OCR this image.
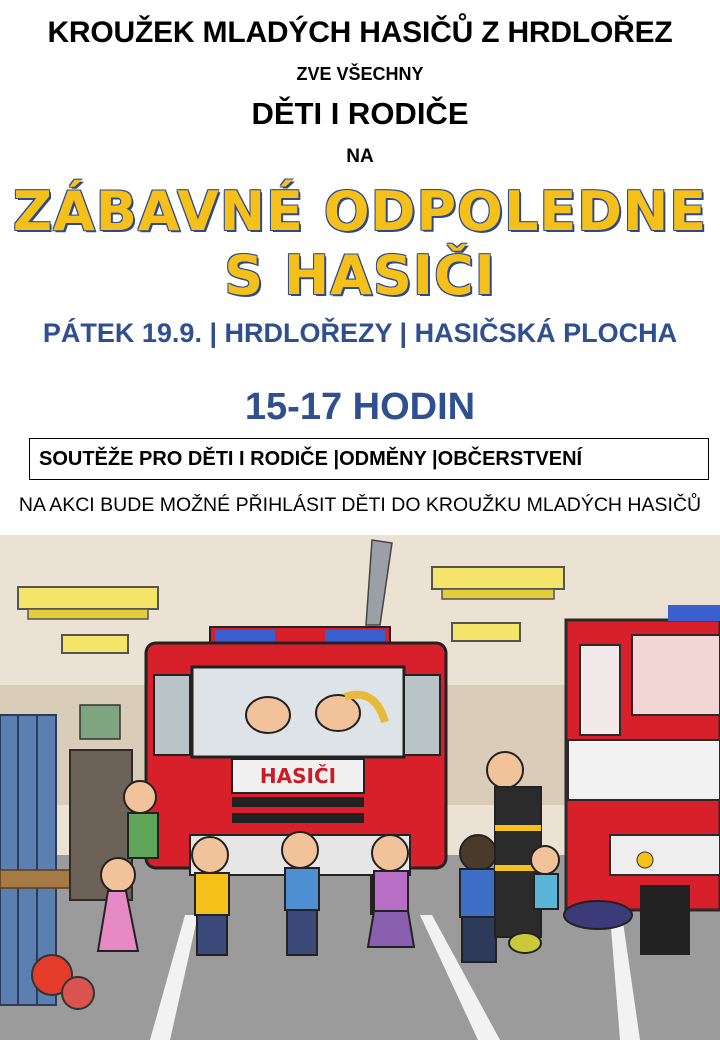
KROUŽEK MLADÝCH HASIČŮ Z HRDLOŘEZ
ZVE VŠECHNY
DĚTI I RODIČE
NA
ZÁBAVNÉ ODPOLEDNE
S HASIČI
PÁTEK 19.9. | HRDLOŘEZY | HASIČSKÁ PLOCHA
15-17 HODIN
SOUTĚŽE PRO DĚTI I RODIČE |ODMĚNY |OBČERSTVENÍ
NA AKCI BUDE MOŽNÉ PŘIHLÁSIT DĚTI DO KROUŽKU MLADÝCH HASIČŮ
HASIČI
